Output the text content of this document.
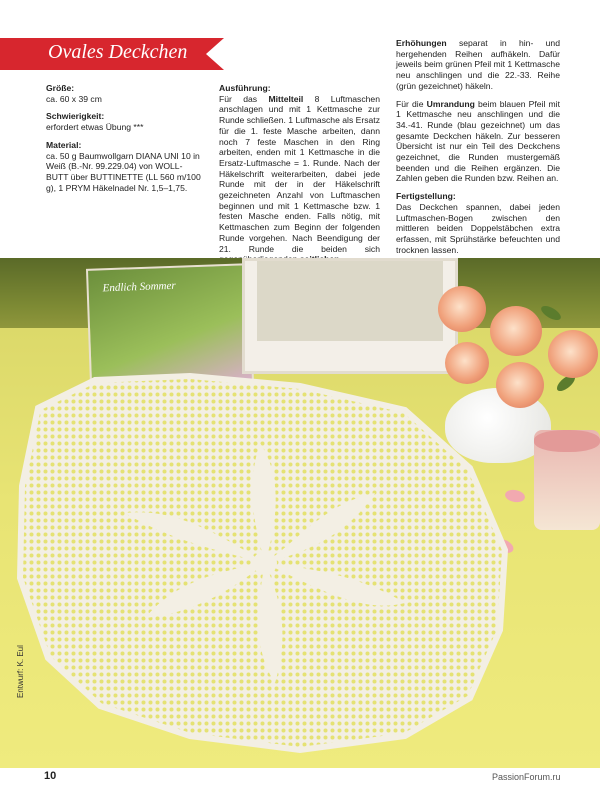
Ovales Deckchen

Größe:
ca. 60 x 39 cm

Schwierigkeit:
erfordert etwas Übung ***

Material:
ca. 50 g Baumwollgarn DIANA UNI 10 in Weiß (B.-Nr. 99.229.04) von WOLL-BUTT über BUTTINETTE (LL 560 m/100 g), 1 PRYM Häkelnadel Nr. 1,5–1,75.

Ausführung:
Für das Mittelteil 8 Luftmaschen anschlagen und mit 1 Kettmasche zur Runde schließen. 1 Luftmasche als Ersatz für die 1. feste Masche arbeiten, dann noch 7 feste Maschen in den Ring arbeiten, enden mit 1 Kettmasche in die Ersatz-Luftmasche = 1. Runde. Nach der Häkelschrift weiterarbeiten, dabei jede Runde mit der in der Häkelschrift gezeichneten Anzahl von Luftmaschen beginnen und mit 1 Kettmasche bzw. 1 festen Masche enden. Falls nötig, mit Kettmaschen zum Beginn der folgenden Runde vorgehen. Nach Beendigung der 21. Runde die beiden sich

Erhöhungen separat in hin- und hergehenden Reihen aufhäkeln. Dafür jeweils beim grünen Pfeil mit 1 Kettmasche neu anschlingen und die 22.-33. Reihe (grün gezeichnet) häkeln.

Für die Umrandung beim blauen Pfeil mit 1 Kettmasche neu anschlingen und die 34.-41. Runde (blau gezeichnet) um das gesamte Deckchen häkeln. Zur besseren Übersicht ist nur ein Teil des Deckchens gezeichnet, die Runden mustergemäß beenden und die Reihen ergänzen. Die Zahlen geben die Runden bzw. Reihen an.

Fertigstellung:
Das Deckchen spannen, dabei jeden Luftmaschen-Bogen zwischen den mittleren beiden Doppelstäbchen extra erfassen, mit Sprühstärke befeuchten und trocknen lassen.

Endlich Sommer
Entwurf: K. Eul
10	PassionForum.ru
